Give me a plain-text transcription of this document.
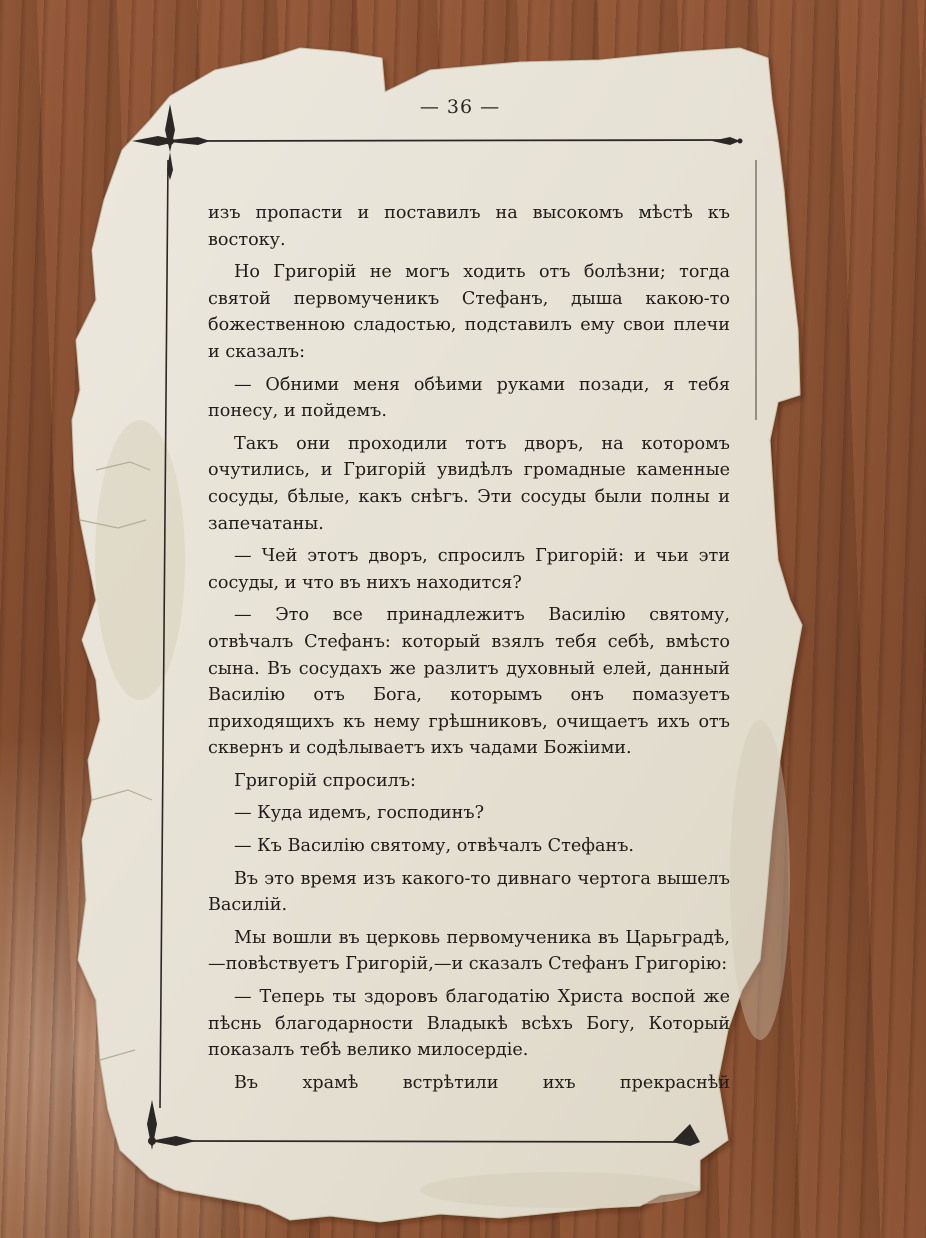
— 36 —

изъ пропасти и поставилъ на высокомъ мѣстѣ къ востоку.

Но Григорій не могъ ходить отъ болѣзни; тогда святой первомученикъ Стефанъ, дыша какою-то божественною сладостью, подставилъ ему свои плечи и сказалъ:

— Обними меня обѣими руками позади, я тебя понесу, и пойдемъ.

Такъ они проходили тотъ дворъ, на которомъ очутились, и Григорій увидѣлъ громадные каменные сосуды, бѣлые, какъ снѣгъ. Эти сосуды были полны и запечатаны.

— Чей этотъ дворъ, спросилъ Григорій: и чьи эти сосуды, и что въ нихъ находится?

— Это все принадлежитъ Василію святому, отвѣчалъ Стефанъ: который взялъ тебя себѣ, вмѣсто сына. Въ сосудахъ же разлитъ духовный елей, данный Василію отъ Бога, которымъ онъ помазуетъ приходящихъ къ нему грѣшниковъ, очищаетъ ихъ отъ сквернъ и содѣлываетъ ихъ чадами Божіими.

Григорій спросилъ:

— Куда идемъ, господинъ?

— Къ Василію святому, отвѣчалъ Стефанъ.

Въ это время изъ какого-то дивнаго чертога вышелъ Василій.

Мы вошли въ церковь первомученика въ Царьградѣ,—повѣствуетъ Григорій,—и сказалъ Стефанъ Григорію:

— Теперь ты здоровъ благодатію Христа воспой же пѣснь благодарности Владыкѣ всѣхъ Богу, Который показалъ тебѣ велико милосердіе.

Въ храмѣ встрѣтили ихъ прекраснѣй
